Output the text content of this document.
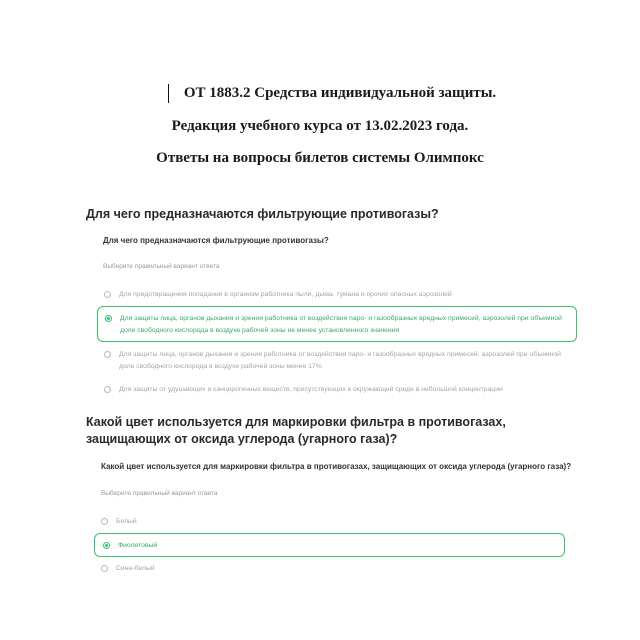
ОТ 1883.2 Средства индивидуальной защиты.
Редакция учебного курса от 13.02.2023 года.
Ответы на вопросы билетов системы Олимпокс
Для чего предназначаются фильтрующие противогазы?
Для чего предназначаются фильтрующие противогазы?
Выберите правильный вариант ответа
Для предотвращения попадания в организм работника пыли, дыма, тумана и прочих опасных аэрозолей
Для защиты лица, органов дыхания и зрения работника от воздействия паро- и газообразных вредных примесей, аэрозолей при объемной доле свободного кислорода в воздухе рабочей зоны не менее установленного значения
Для защиты лица, органов дыхания и зрения работника от воздействия паро- и газообразных вредных примесей, аэрозолей при объемной доле свободного кислорода в воздухе рабочей зоны менее 17%
Для защиты от удушающих и канцерогенных веществ, присутствующих в окружающей среде в небольшой концентрации
Какой цвет используется для маркировки фильтра в противогазах, защищающих от оксида углерода (угарного газа)?
Какой цвет используется для маркировки фильтра в противогазах, защищающих от оксида углерода (угарного газа)?
Выберите правильный вариант ответа
Белый
Фиолетовый
Сине-белый
